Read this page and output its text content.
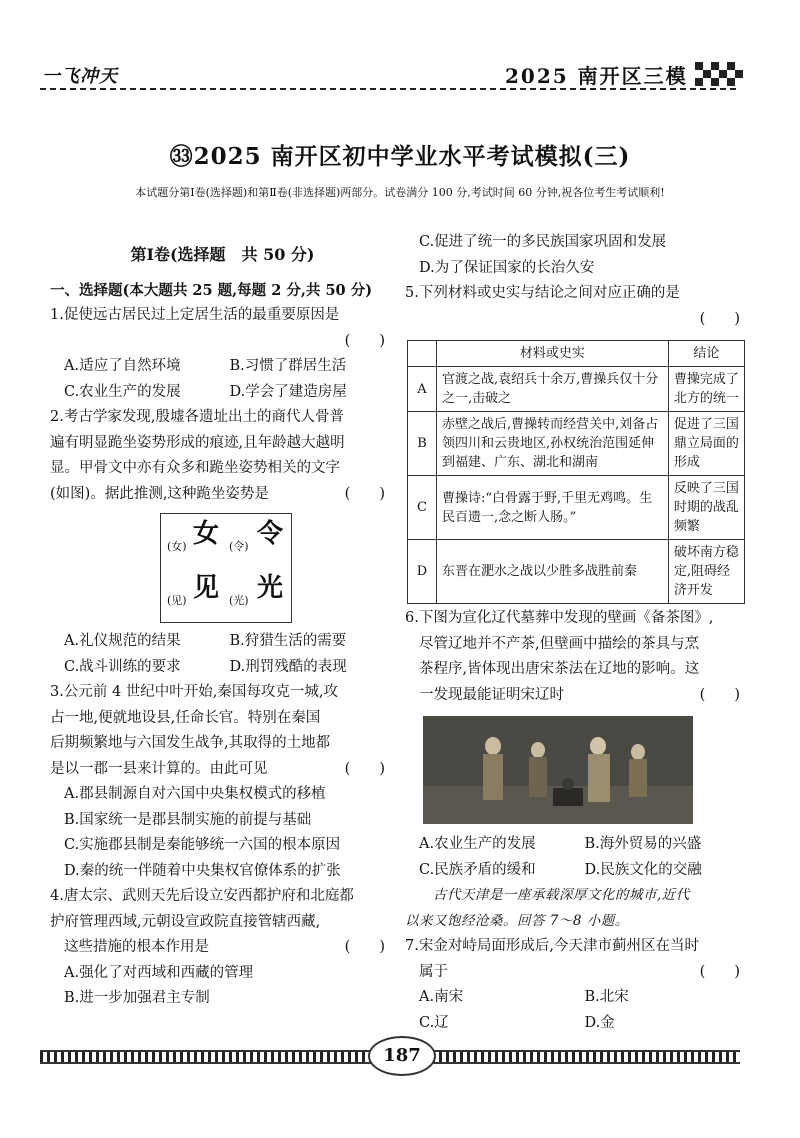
一飞冲天	2025 南开区三模
㉝2025 南开区初中学业水平考试模拟(三)
本试题分第Ⅰ卷(选择题)和第Ⅱ卷(非选择题)两部分。试卷满分 100 分,考试时间 60 分钟,祝各位考生考试顺利!
第Ⅰ卷(选择题　共 50 分)
一、选择题(本大题共 25 题,每题 2 分,共 50 分)
1.促使远古居民过上定居生活的最重要原因是
(　　)
A.适应了自然环境	B.习惯了群居生活
C.农业生产的发展	D.学会了建造房屋
2.考古学家发现,殷墟各遗址出土的商代人骨普
遍有明显跪坐姿势形成的痕迹,且年龄越大越明
显。甲骨文中亦有众多和跪坐姿势相关的文字
(如图)。据此推测,这种跪坐姿势是	(　　)
(女) 女 (令) 令
(见) 见 (光) 光
A.礼仪规范的结果	B.狩猎生活的需要
C.战斗训练的要求	D.刑罚残酷的表现
3.公元前 4 世纪中叶开始,秦国每攻克一城,攻
占一地,便就地设县,任命长官。特别在秦国
后期频繁地与六国发生战争,其取得的土地都
是以一郡一县来计算的。由此可见	(　　)
A.郡县制源自对六国中央集权模式的移植
B.国家统一是郡县制实施的前提与基础
C.实施郡县制是秦能够统一六国的根本原因
D.秦的统一伴随着中央集权官僚体系的扩张
4.唐太宗、武则天先后设立安西都护府和北庭都
护府管理西域,元朝设宣政院直接管辖西藏,
这些措施的根本作用是	(　　)
A.强化了对西域和西藏的管理
B.进一步加强君主专制
C.促进了统一的多民族国家巩固和发展
D.为了保证国家的长治久安
5.下列材料或史实与结论之间对应正确的是
(　　)
	材料或史实	结论
A	官渡之战,袁绍兵十余万,曹操兵仅十分之一,击破之	曹操完成了北方的统一
B	赤壁之战后,曹操转而经营关中,刘备占领四川和云贵地区,孙权统治范围延伸到福建、广东、湖北和湖南	促进了三国鼎立局面的形成
C	曹操诗:“白骨露于野,千里无鸡鸣。生民百遗一,念之断人肠。”	反映了三国时期的战乱频繁
D	东晋在淝水之战以少胜多战胜前秦	破坏南方稳定,阻碍经济开发
6.下图为宣化辽代墓葬中发现的壁画《备茶图》,
尽管辽地并不产茶,但壁画中描绘的茶具与烹
茶程序,皆体现出唐宋茶法在辽地的影响。这
一发现最能证明宋辽时	(　　)
A.农业生产的发展	B.海外贸易的兴盛
C.民族矛盾的缓和	D.民族文化的交融
古代天津是一座承载深厚文化的城市,近代
以来又饱经沧桑。回答 7～8 小题。
7.宋金对峙局面形成后,今天津市蓟州区在当时
属于	(　　)
A.南宋	B.北宋
C.辽	D.金
187
